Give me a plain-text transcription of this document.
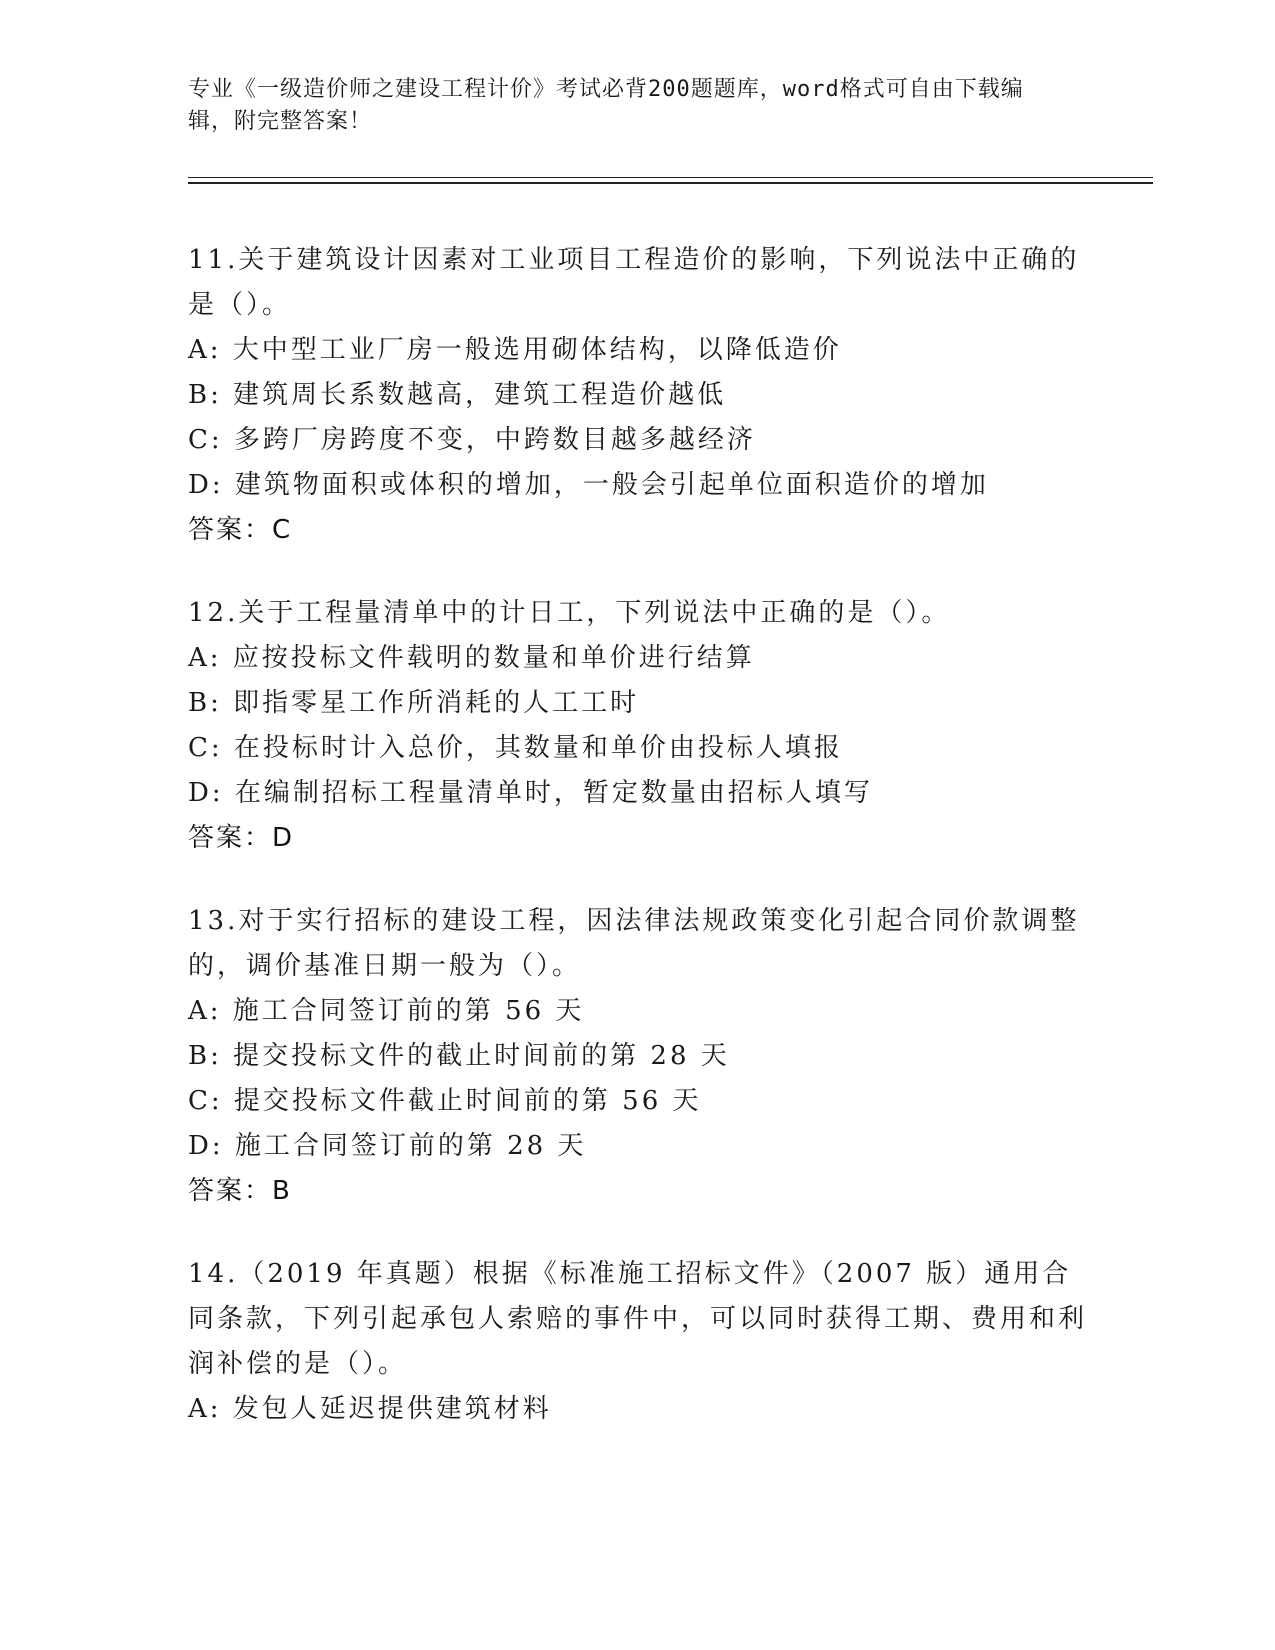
专业《一级造价师之建设工程计价》考试必背200题题库，word格式可自由下载编辑，附完整答案！

11.关于建筑设计因素对工业项目工程造价的影响，下列说法中正确的是（）。

A: 大中型工业厂房一般选用砌体结构，以降低造价

B: 建筑周长系数越高，建筑工程造价越低

C: 多跨厂房跨度不变，中跨数目越多越经济

D: 建筑物面积或体积的增加，一般会引起单位面积造价的增加

答案：C

12.关于工程量清单中的计日工，下列说法中正确的是（）。

A: 应按投标文件载明的数量和单价进行结算

B: 即指零星工作所消耗的人工工时

C: 在投标时计入总价，其数量和单价由投标人填报

D: 在编制招标工程量清单时，暂定数量由招标人填写

答案：D

13.对于实行招标的建设工程，因法律法规政策变化引起合同价款调整的，调价基准日期一般为（）。

A: 施工合同签订前的第 56 天

B: 提交投标文件的截止时间前的第 28 天

C: 提交投标文件截止时间前的第 56 天

D: 施工合同签订前的第 28 天

答案：B

14.（2019 年真题）根据《标准施工招标文件》（2007 版）通用合同条款，下列引起承包人索赔的事件中，可以同时获得工期、费用和利润补偿的是（）。

A: 发包人延迟提供建筑材料
